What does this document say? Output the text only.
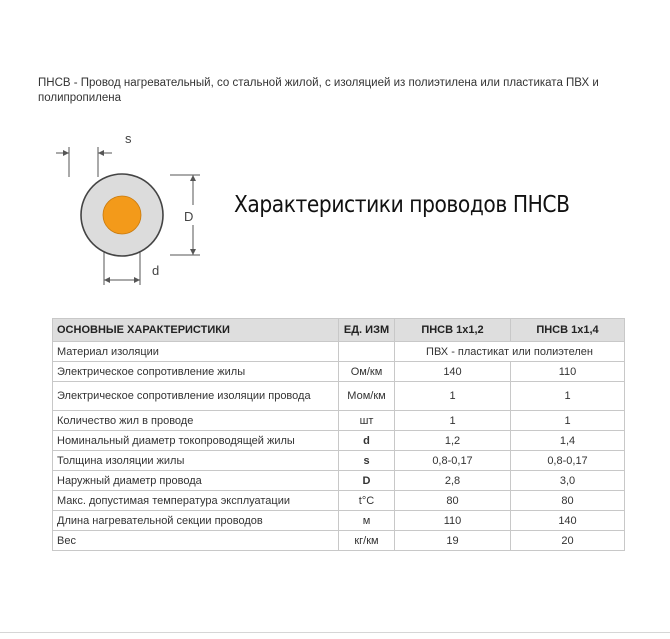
ПНСВ - Провод нагревательный, со стальной жилой, с изоляцией из полиэтилена или пластиката ПВХ и полипропилена
s
D
d
Характеристики проводов ПНСВ
ОСНОВНЫЕ ХАРАКТЕРИСТИКИ	ЕД. ИЗМ	ПНСВ 1х1,2	ПНСВ 1х1,4
Материал изоляции		ПВХ - пластикат или полиэтелен	
Электрическое сопротивление жилы	Ом/км	140	110
Электрическое сопротивление изоляции провода	Мом/км	1	1
Количество жил в проводе	шт	1	1
Номинальный диаметр токопроводящей жилы	d	1,2	1,4
Толщина изоляции жилы	s	0,8-0,17	0,8-0,17
Наружный диаметр провода	D	2,8	3,0
Макс. допустимая температура эксплуатации	t°С	80	80
Длина нагревательной секции проводов	м	110	140
Вес	кг/км	19	20
